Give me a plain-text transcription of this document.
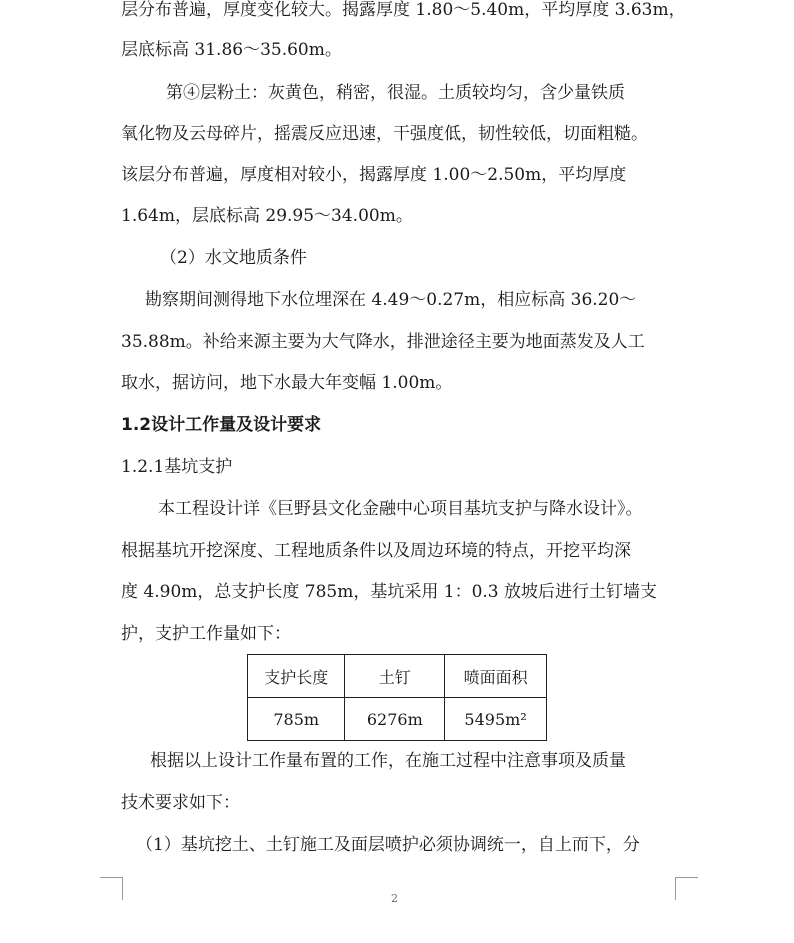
层分布普遍，厚度变化较大。揭露厚度 1.80～5.40m，平均厚度 3.63m，
层底标高 31.86～35.60m。
第④层粉土：灰黄色，稍密，很湿。土质较均匀，含少量铁质
氧化物及云母碎片，摇震反应迅速，干强度低，韧性较低，切面粗糙。
该层分布普遍，厚度相对较小，揭露厚度 1.00～2.50m，平均厚度
1.64m，层底标高 29.95～34.00m。
（2）水文地质条件
勘察期间测得地下水位埋深在 4.49～0.27m，相应标高 36.20～
35.88m。补给来源主要为大气降水，排泄途径主要为地面蒸发及人工
取水，据访问，地下水最大年变幅 1.00m。
1.2设计工作量及设计要求
1.2.1基坑支护
本工程设计详《巨野县文化金融中心项目基坑支护与降水设计》。
根据基坑开挖深度、工程地质条件以及周边环境的特点，开挖平均深
度 4.90m，总支护长度 785m，基坑采用 1：0.3 放坡后进行土钉墙支
护，支护工作量如下：
支护长度	土钉	喷面面积
785m	6276m	5495m²
根据以上设计工作量布置的工作，在施工过程中注意事项及质量
技术要求如下：
（1）基坑挖土、土钉施工及面层喷护必须协调统一，自上而下，分
2
